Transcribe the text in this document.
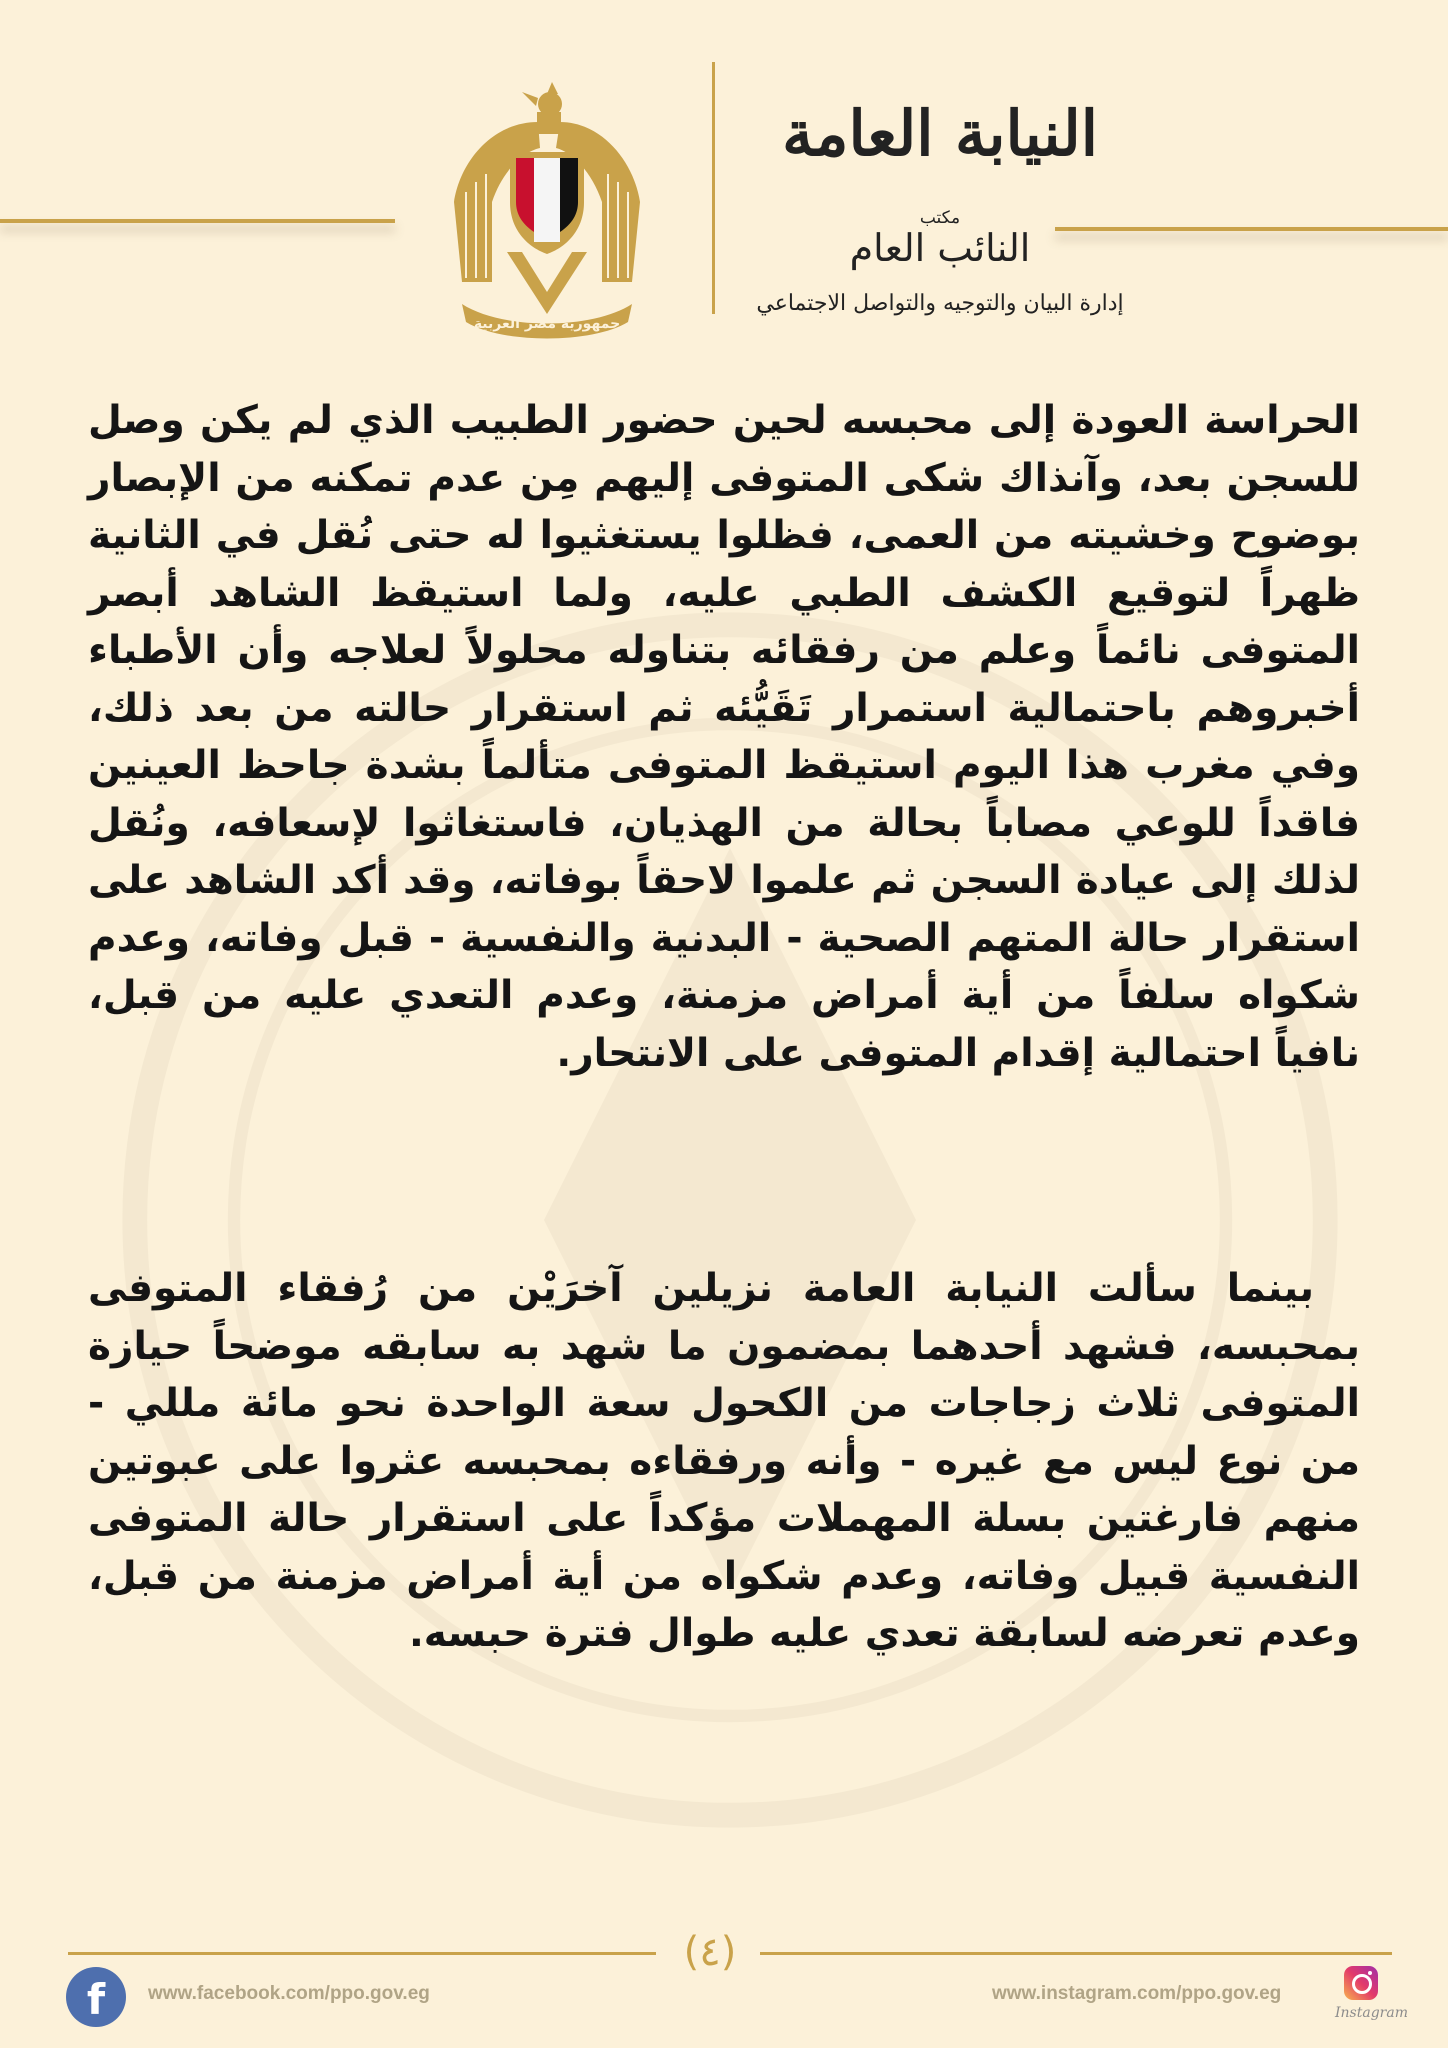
جمهورية مصر العربية
النيابة العامة
مكتب
النائب العام
إدارة البيان والتوجيه والتواصل الاجتماعي

الحراسة العودة إلى محبسه لحين حضور الطبيب الذي لم يكن وصل للسجن بعد، وآنذاك شكى المتوفى إليهم مِن عدم تمكنه من الإبصار بوضوح وخشيته من العمى، فظلوا يستغثيوا له حتى نُقل في الثانية ظهراً لتوقيع الكشف الطبي عليه، ولما استيقظ الشاهد أبصر المتوفى نائماً وعلم من رفقائه بتناوله محلولاً لعلاجه وأن الأطباء أخبروهم باحتمالية استمرار تَقَيُّئه ثم استقرار حالته من بعد ذلك، وفي مغرب هذا اليوم استيقظ المتوفى متألماً بشدة جاحظ العينين فاقداً للوعي مصاباً بحالة من الهذيان، فاستغاثوا لإسعافه، ونُقل لذلك إلى عيادة السجن ثم علموا لاحقاً بوفاته، وقد أكد الشاهد على استقرار حالة المتهم الصحية - البدنية والنفسية - قبل وفاته، وعدم شكواه سلفاً من أية أمراض مزمنة، وعدم التعدي عليه من قبل، نافياً احتمالية إقدام المتوفى على الانتحار.

بينما سألت النيابة العامة نزيلين آخرَيْن من رُفقاء المتوفى بمحبسه، فشهد أحدهما بمضمون ما شهد به سابقه موضحاً حيازة المتوفى ثلاث زجاجات من الكحول سعة الواحدة نحو مائة مللي - من نوع ليس مع غيره - وأنه ورفقاءه بمحبسه عثروا على عبوتين منهم فارغتين بسلة المهملات مؤكداً على استقرار حالة المتوفى النفسية قبيل وفاته، وعدم شكواه من أية أمراض مزمنة من قبل، وعدم تعرضه لسابقة تعدي عليه طوال فترة حبسه.

(٤)
f	www.facebook.com/ppo.gov.eg	www.instagram.com/ppo.gov.eg
Instagram
